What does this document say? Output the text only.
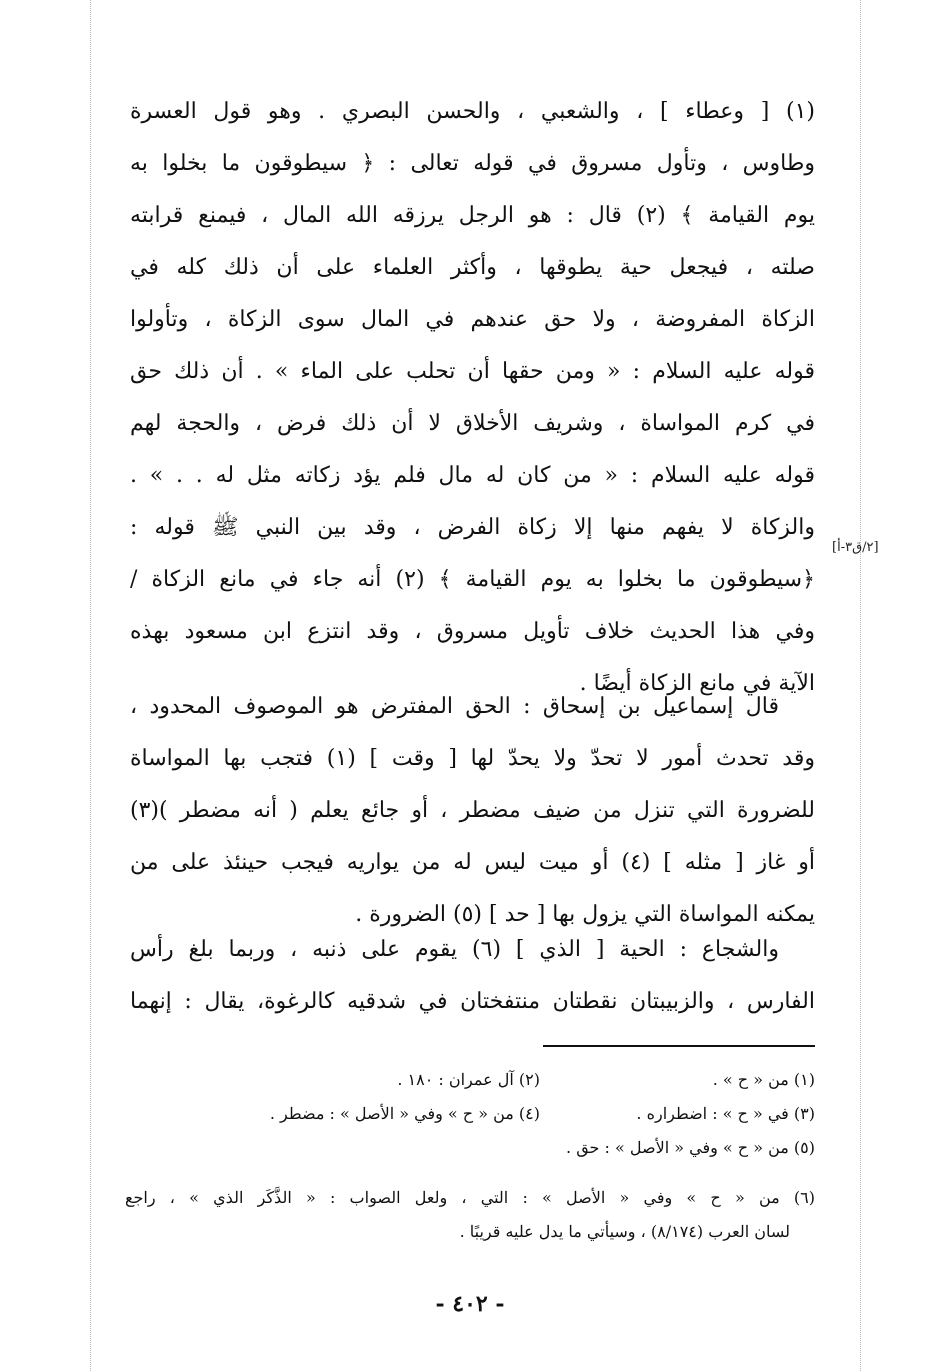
(١) [ وعطاء ] ، والشعبي ، والحسن البصري . وهو قول العسرة
وطاوس ، وتأول مسروق في قوله تعالى : ﴿ سيطوقون ما بخلوا به
يوم القيامة ﴾ (٢) قال : هو الرجل يرزقه الله المال ، فيمنع قرابته
صلته ، فيجعل حية يطوقها ، وأكثر العلماء على أن ذلك كله في
الزكاة المفروضة ، ولا حق عندهم في المال سوى الزكاة ، وتأولوا
قوله عليه السلام : « ومن حقها أن تحلب على الماء » . أن ذلك حق
في كرم المواساة ، وشريف الأخلاق لا أن ذلك فرض ، والحجة لهم
قوله عليه السلام : « من كان له مال فلم يؤد زكاته مثل له . . » .
والزكاة لا يفهم منها إلا زكاة الفرض ، وقد بين النبي ﷺ قوله :
﴿سيطوقون ما بخلوا به يوم القيامة ﴾ (٢) أنه جاء في مانع الزكاة /
وفي هذا الحديث خلاف تأويل مسروق ، وقد انتزع ابن مسعود بهذه
الآية في مانع الزكاة أيضًا .
[٢/ق٣-أ]
قال إسماعيل بن إسحاق : الحق المفترض هو الموصوف المحدود ،
وقد تحدث أمور لا تحدّ ولا يحدّ لها [ وقت ] (١) فتجب بها المواساة
للضرورة التي تنزل من ضيف مضطر ، أو جائع يعلم ( أنه مضطر )(٣)
أو غاز [ مثله ] (٤) أو ميت ليس له من يواريه فيجب حينئذ على من
يمكنه المواساة التي يزول بها [ حد ] (٥) الضرورة .
والشجاع : الحية [ الذي ] (٦) يقوم على ذنبه ، وربما بلغ رأس
الفارس ، والزبيبتان نقطتان منتفختان في شدقيه كالرغوة، يقال : إنهما
(١) من « ح » .
(٢) آل عمران : ١٨٠ .
(٣) في « ح » : اضطراره .
(٤) من « ح » وفي « الأصل » : مضطر .
(٥) من « ح » وفي « الأصل » : حق .
(٦) من « ح » وفي « الأصل » : التي ، ولعل الصواب : « الذَّكَر الذي » ، راجع
لسان العرب (٨/١٧٤) ، وسيأتي ما يدل عليه قريبًا .
- ٤٠٢ -
